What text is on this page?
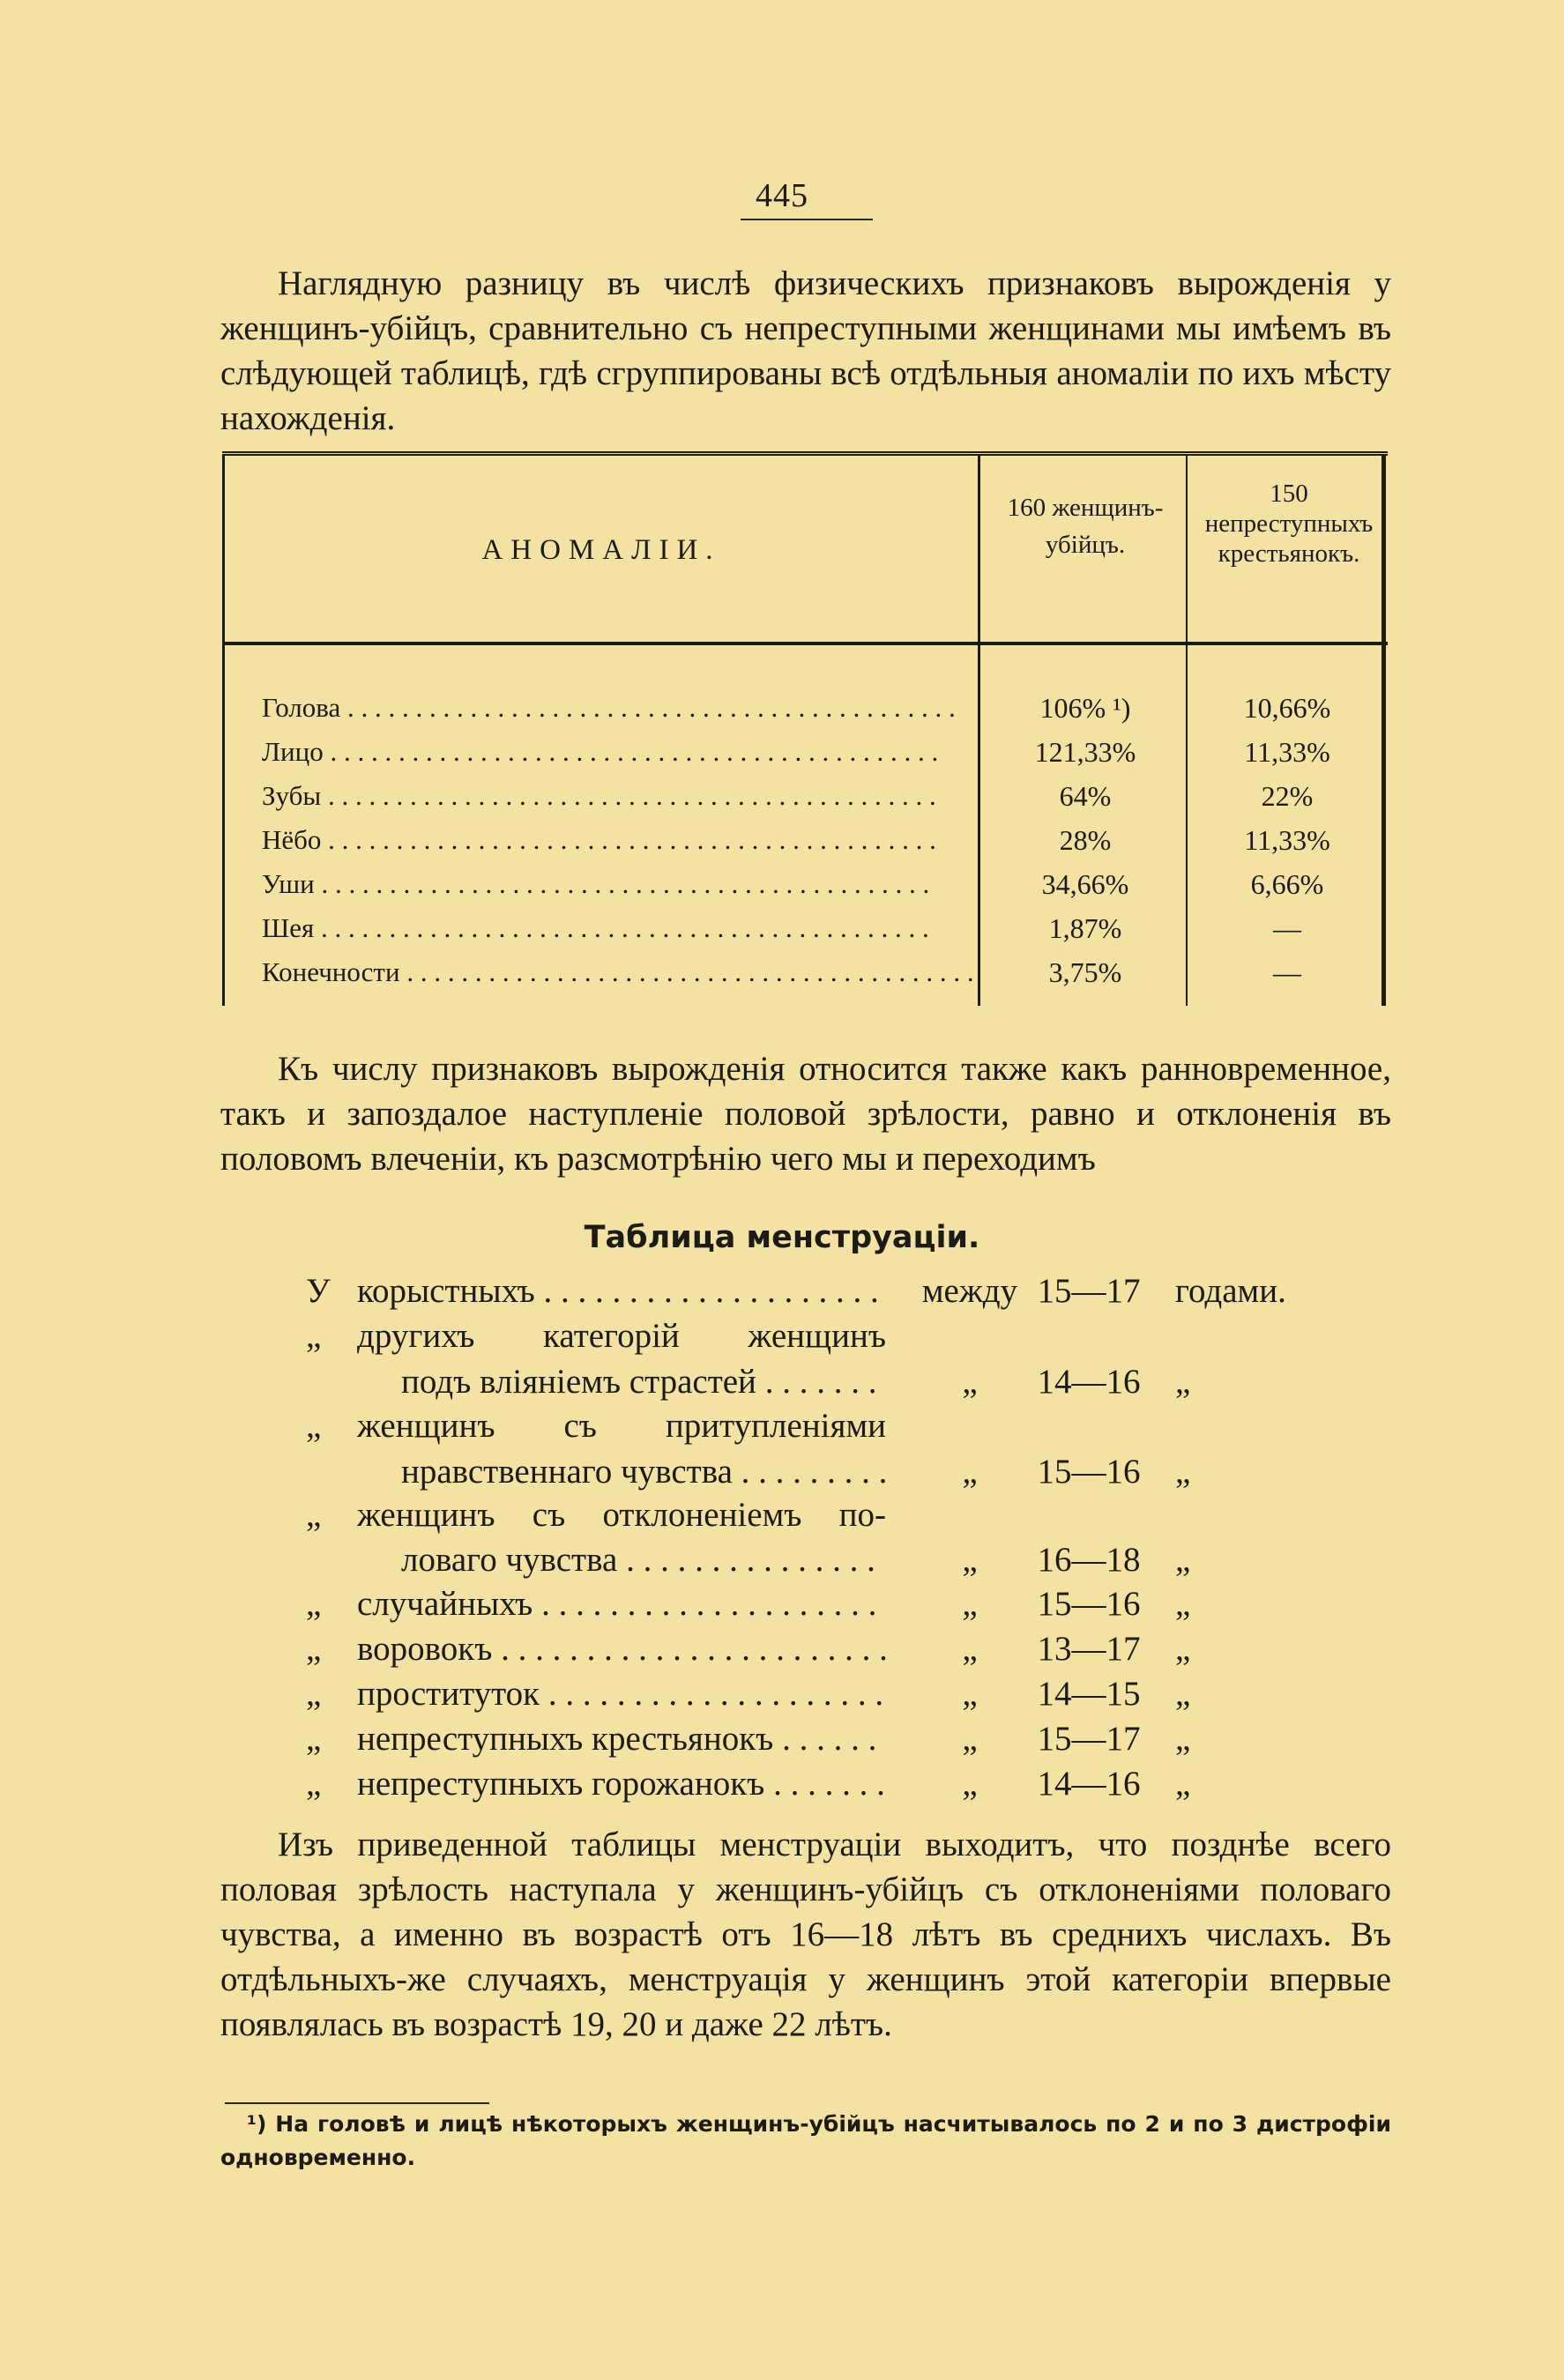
445
Наглядную разницу въ числѣ физическихъ признаковъ вырожденія у женщинъ-убійцъ, сравнительно съ непреступными женщинами мы имѣемъ въ слѣдующей таблицѣ, гдѣ сгруппированы всѣ отдѣльныя аномаліи по ихъ мѣсту нахожденія.
АНОМАЛІИ.
160 женщинъ-убійцъ.
150 непреступныхъ крестьянокъ.
Голова . . .	106% ¹)	10,66%
Лицо . . .	121,33%	11,33%
Зубы . . .	64%	22%
Нёбо . . .	28%	11,33%
Уши . . .	34,66%	6,66%
Шея . . .	1,87%	—
Конечности . . .	3,75%	—
Къ числу признаковъ вырожденія относится также какъ ранновременное, такъ и запоздалое наступленіе половой зрѣлости, равно и отклоненія въ половомъ влеченіи, къ разсмотрѣнію чего мы и переходимъ
Таблица менструаціи.
У корыстныхъ . . .	между 15—17	годами.
„ другихъ категорій женщинъ
подъ вліяніемъ страстей . . .	„	14—16	„
„ женщинъ съ притупленіями
нравственнаго чувства . . .	„	15—16	„
„ женщинъ съ отклоненіемъ по-
ловаго чувства . . .	„	16—18	„
„ случайныхъ . . .	„	15—16	„
„ воровокъ . . .	„	13—17	„
„ проституток . . .	„	14—15	„
„ непреступныхъ крестьянокъ . . .	„	15—17	„
„ непреступныхъ горожанокъ . . .	„	14—16	„
Изъ приведенной таблицы менструаціи выходитъ, что позднѣе всего половая зрѣлость наступала у женщинъ-убійцъ съ отклоненіями половаго чувства, а именно въ возрастѣ отъ 16—18 лѣтъ въ среднихъ числахъ. Въ отдѣльныхъ-же случаяхъ, менструація у женщинъ этой категоріи впервые появлялась въ возрастѣ 19, 20 и даже 22 лѣтъ.
¹) На головѣ и лицѣ нѣкоторыхъ женщинъ-убійцъ насчитывалось по 2 и по 3 дистрофіи одновременно.
